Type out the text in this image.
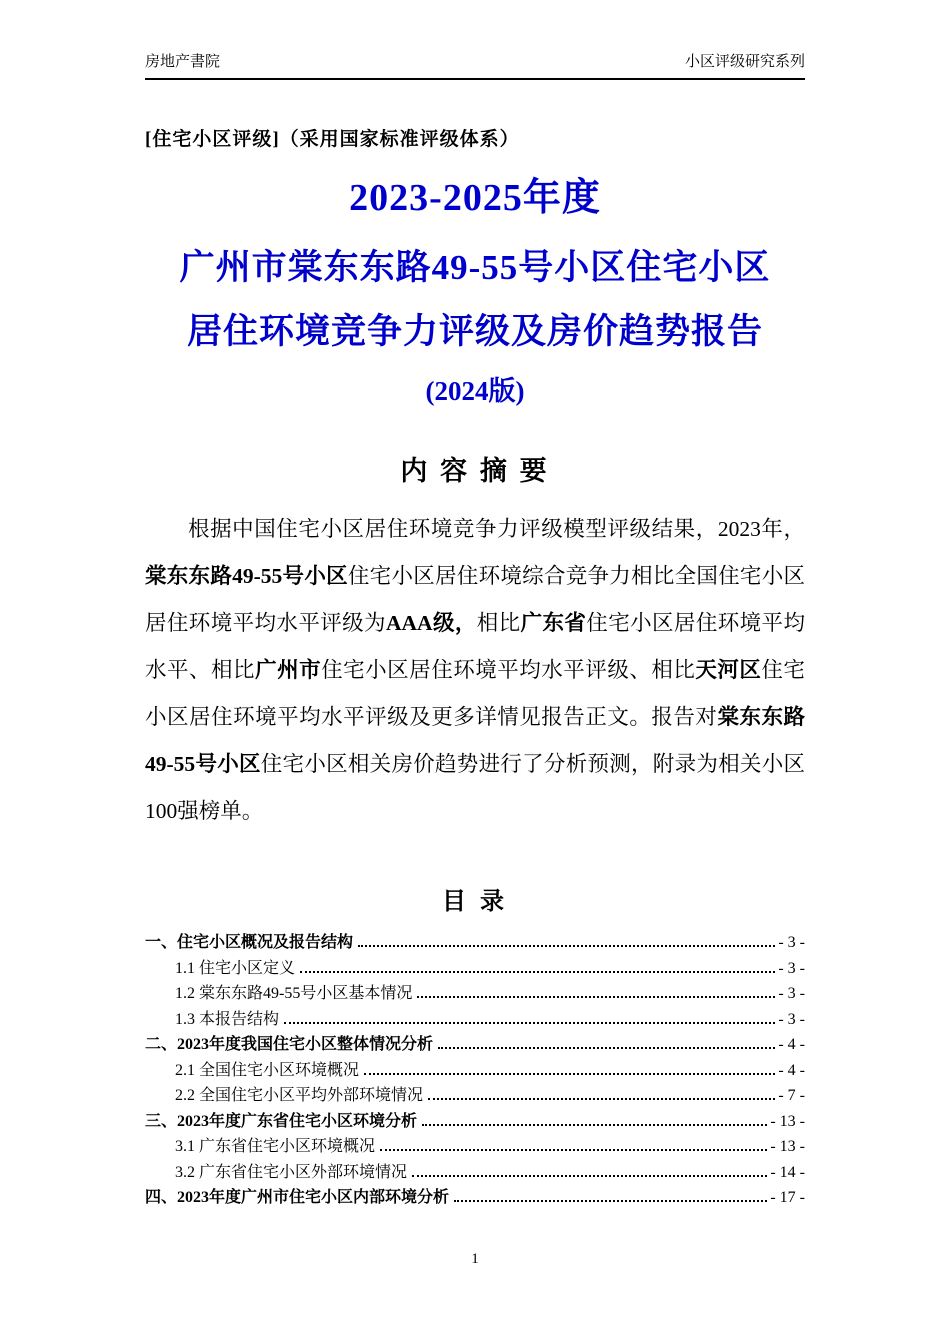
房地产書院	小区评级研究系列
[住宅小区评级]（采用国家标准评级体系）
2023-2025年度
广州市棠东东路49-55号小区住宅小区
居住环境竞争力评级及房价趋势报告
(2024版)
内 容 摘 要

根据中国住宅小区居住环境竞争力评级模型评级结果，2023年，棠东东路49-55号小区住宅小区居住环境综合竞争力相比全国住宅小区居住环境平均水平评级为AAA级，相比广东省住宅小区居住环境平均水平、相比广州市住宅小区居住环境平均水平评级、相比天河区住宅小区居住环境平均水平评级及更多详情见报告正文。报告对棠东东路49-55号小区住宅小区相关房价趋势进行了分析预测，附录为相关小区100强榜单。

目 录
一、住宅小区概况及报告结构	- 3 -
1.1 住宅小区定义	- 3 -
1.2 棠东东路49-55号小区基本情况	- 3 -
1.3 本报告结构	- 3 -
二、2023年度我国住宅小区整体情况分析	- 4 -
2.1 全国住宅小区环境概况	- 4 -
2.2 全国住宅小区平均外部环境情况	- 7 -
三、2023年度广东省住宅小区环境分析	- 13 -
3.1 广东省住宅小区环境概况	- 13 -
3.2 广东省住宅小区外部环境情况	- 14 -
四、2023年度广州市住宅小区内部环境分析	- 17 -
1
